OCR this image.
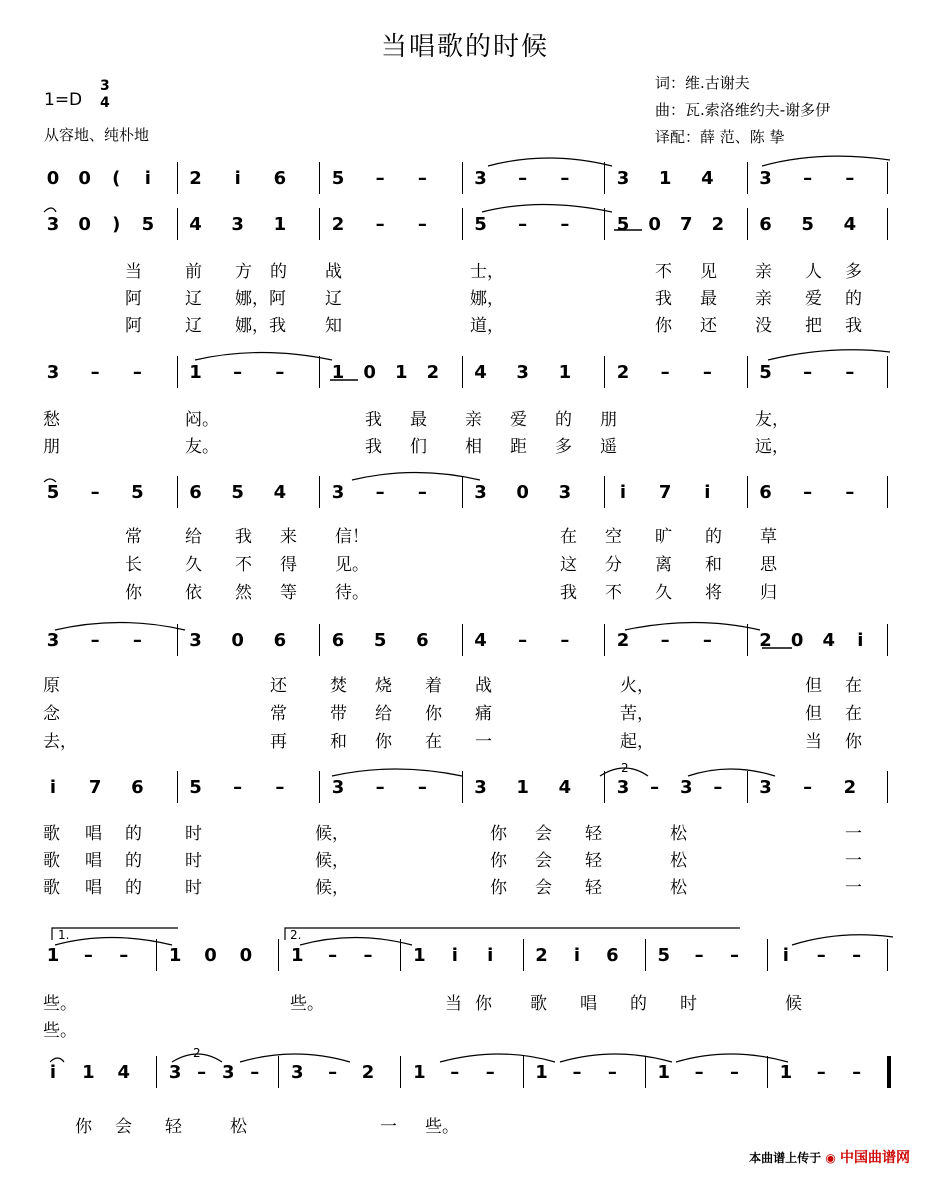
当唱歌的时候
1=D
3
4
从容地、纯朴地
词：维.古谢夫
曲：瓦.索洛维约夫-谢多伊
译配：薛 范、陈 挚
0 0	(	i	2	i	6	5	–	–	3	–	–	3 1 4	3	–	–
3 0	)	5 4 3 1	2	–	–	5	–	–	5 0 7 2 6 5 4
3	–	–	1	–	–	1 0 1 2 4 3 1	2	–	–	5	–	–
5	–	5	6 5 4	3	–	–	3 0 3	i	7	i	6	–	–
3	–	–	3 0 6	6 5 6	4	–	–	2	–	–	2 0 4	i
i	7 6	5	–	–	3	–	–	3 1 4	3	–	3	–	3	–	2
1	–	–	1 0 0 1	–	–	1	i	i	2	i	6 5	–	–	i	–	–
i	1 4 3 – 3 –	3	–	2 1	–	–	1	–	–	1	–	–	1	–	–
当	前 方 的 战	士，	不 见 亲 人 多
阿	辽 娜，阿 辽	娜，	我 最 亲 爱 的
阿	辽 娜，我 知	道，	你 还 没 把 我
愁	闷。	我 最 亲 爱 的 朋	友，
朋	友。	我 们 相 距 多 遥	远，
常	给 我 来 信！	在 空 旷 的 草
长	久 不 得 见。	这 分 离 和 思
你	依 然 等 待。	我 不 久 将 归
原	还	焚 烧 着 战	火，	但 在
念	常	带 给 你 痛	苦，	但 在
去，	再	和 你 在 一	起，	当 你
歌 唱 的	时	候，	你 会 轻	松	一
歌 唱 的	时	候，	你 会 轻	松	一
歌 唱 的	时	候，	你 会 轻	松	一
些。	些。	当 你 歌 唱 的 时	候
些。
你 会 轻	松	一 些。
本曲谱上传于 ◉ 中国曲谱网
1.	2.
2
2
